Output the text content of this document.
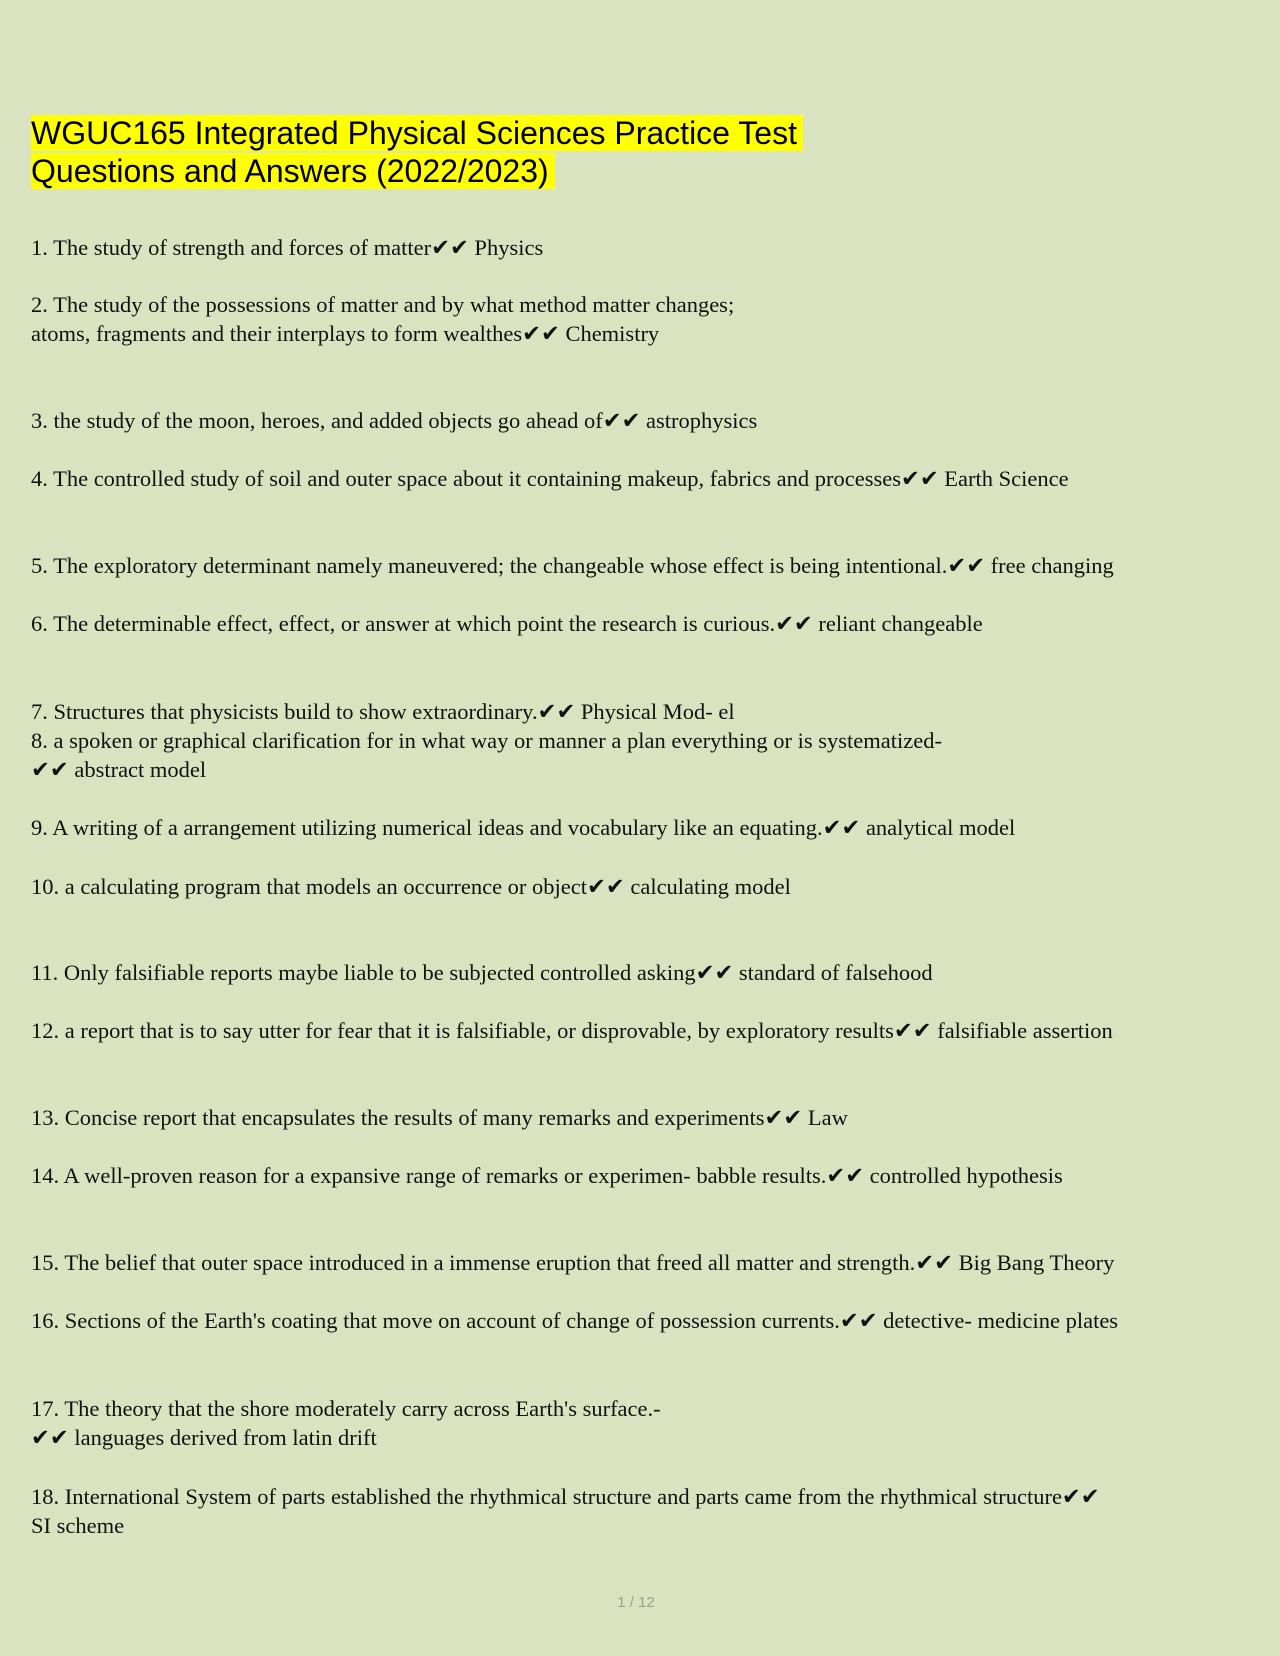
WGUC165 Integrated Physical Sciences Practice Test
Questions and Answers (2022/2023)
1. The study of strength and forces of matter✔✔ Physics
2. The study of the possessions of matter and by what method matter changes;
atoms, fragments and their interplays to form wealthes✔✔ Chemistry
3. the study of the moon, heroes, and added objects go ahead of✔✔ astrophysics
4. The controlled study of soil and outer space about it containing makeup, fabrics and processes✔✔ Earth Science
5. The exploratory determinant namely maneuvered; the changeable whose effect is being intentional.✔✔ free changing
6. The determinable effect, effect, or answer at which point the research is curious.✔✔ reliant changeable
7. Structures that physicists build to show extraordinary.✔✔ Physical Mod- el
8. a spoken or graphical clarification for in what way or manner a plan everything or is systematized-
✔✔ abstract model
9. A writing of a arrangement utilizing numerical ideas and vocabulary like an equating.✔✔ analytical model
10. a calculating program that models an occurrence or object✔✔ calculating model
11. Only falsifiable reports maybe liable to be subjected controlled asking✔✔ standard of falsehood
12. a report that is to say utter for fear that it is falsifiable, or disprovable, by exploratory results✔✔ falsifiable assertion
13. Concise report that encapsulates the results of many remarks and experiments✔✔ Law
14. A well-proven reason for a expansive range of remarks or experimen- babble results.✔✔ controlled hypothesis
15. The belief that outer space introduced in a immense eruption that freed all matter and strength.✔✔ Big Bang Theory
16. Sections of the Earth's coating that move on account of change of possession currents.✔✔ detective- medicine plates
17. The theory that the shore moderately carry across Earth's surface.-
✔✔ languages derived from latin drift
18. International System of parts established the rhythmical structure and parts came from the rhythmical structure✔✔
SI scheme
1 / 12
